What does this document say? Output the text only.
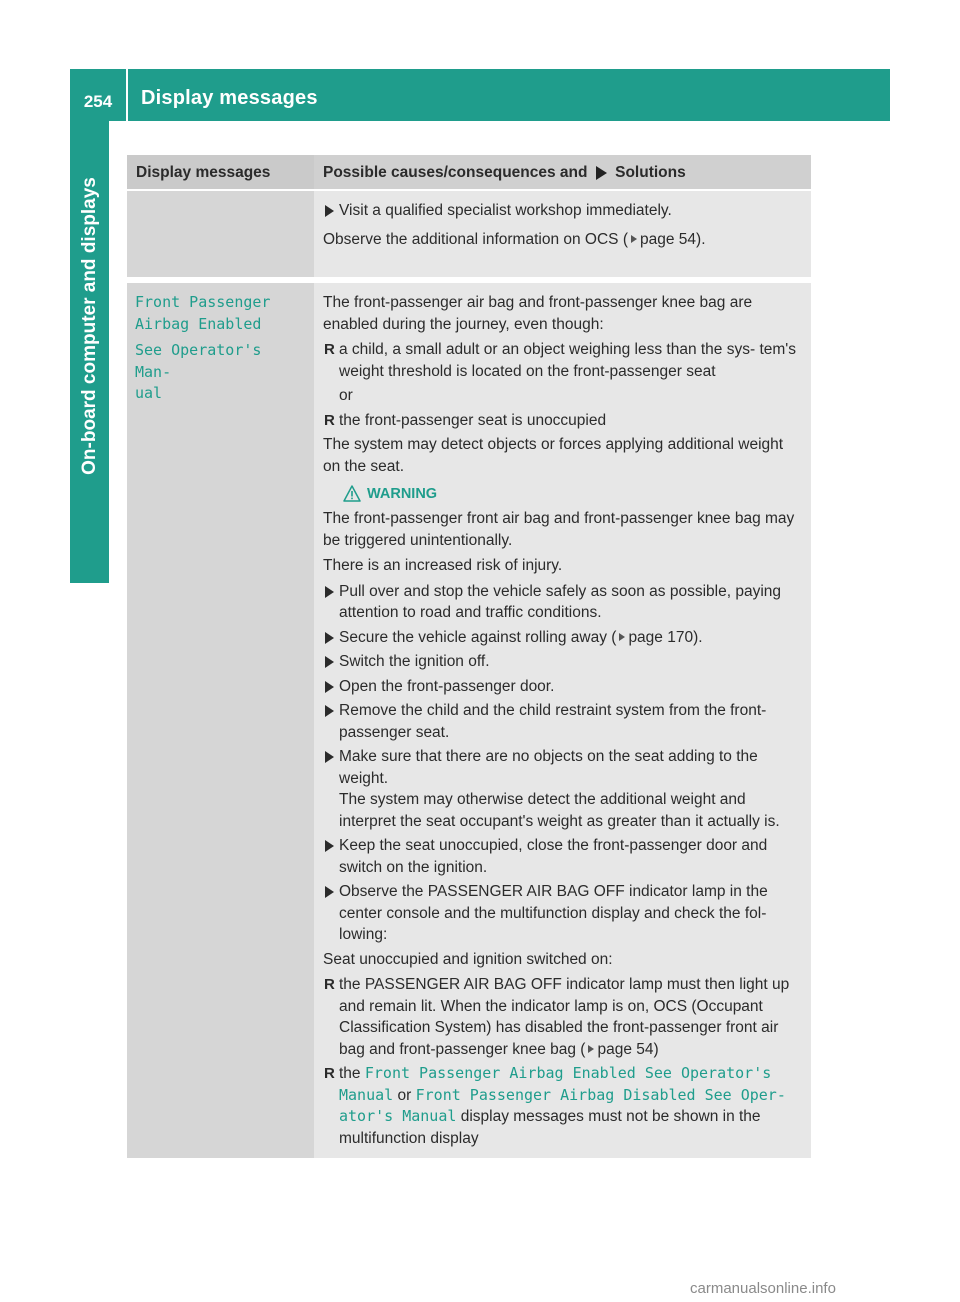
254	Display messages
On-board computer and displays
Display messages	Possible causes/consequences and Solutions

Visit a qualified specialist workshop immediately.

Observe the additional information on OCS ( page 54).

Front Passenger

Airbag Enabled

See Operator's Man‐

ual

The front-passenger air bag and front-passenger knee bag are enabled during the journey, even though:

R a child, a small adult or an object weighing less than the sys‐ tem's weight threshold is located on the front-passenger seat

or

R the front-passenger seat is unoccupied

The system may detect objects or forces applying additional weight on the seat.

WARNING

The front-passenger front air bag and front-passenger knee bag may be triggered unintentionally.

There is an increased risk of injury.

Pull over and stop the vehicle safely as soon as possible, paying attention to road and traffic conditions.

Secure the vehicle against rolling away ( page 170).

Switch the ignition off.

Open the front-passenger door.

Remove the child and the child restraint system from the front- passenger seat.

Make sure that there are no objects on the seat adding to the weight.

The system may otherwise detect the additional weight and interpret the seat occupant's weight as greater than it actually is.

Keep the seat unoccupied, close the front-passenger door and switch on the ignition.

Observe the PASSENGER AIR BAG OFF indicator lamp in the center console and the multifunction display and check the fol‐ lowing:

Seat unoccupied and ignition switched on:

R the PASSENGER AIR BAG OFF indicator lamp must then light up and remain lit. When the indicator lamp is on, OCS (Occupant Classification System) has disabled the front-passenger front air bag and front-passenger knee bag ( page 54)

R the Front Passenger Airbag Enabled See Operator's Manual or Front Passenger Airbag Disabled See Oper‐ ator's Manual display messages must not be shown in the multifunction display

carmanualsonline.info
